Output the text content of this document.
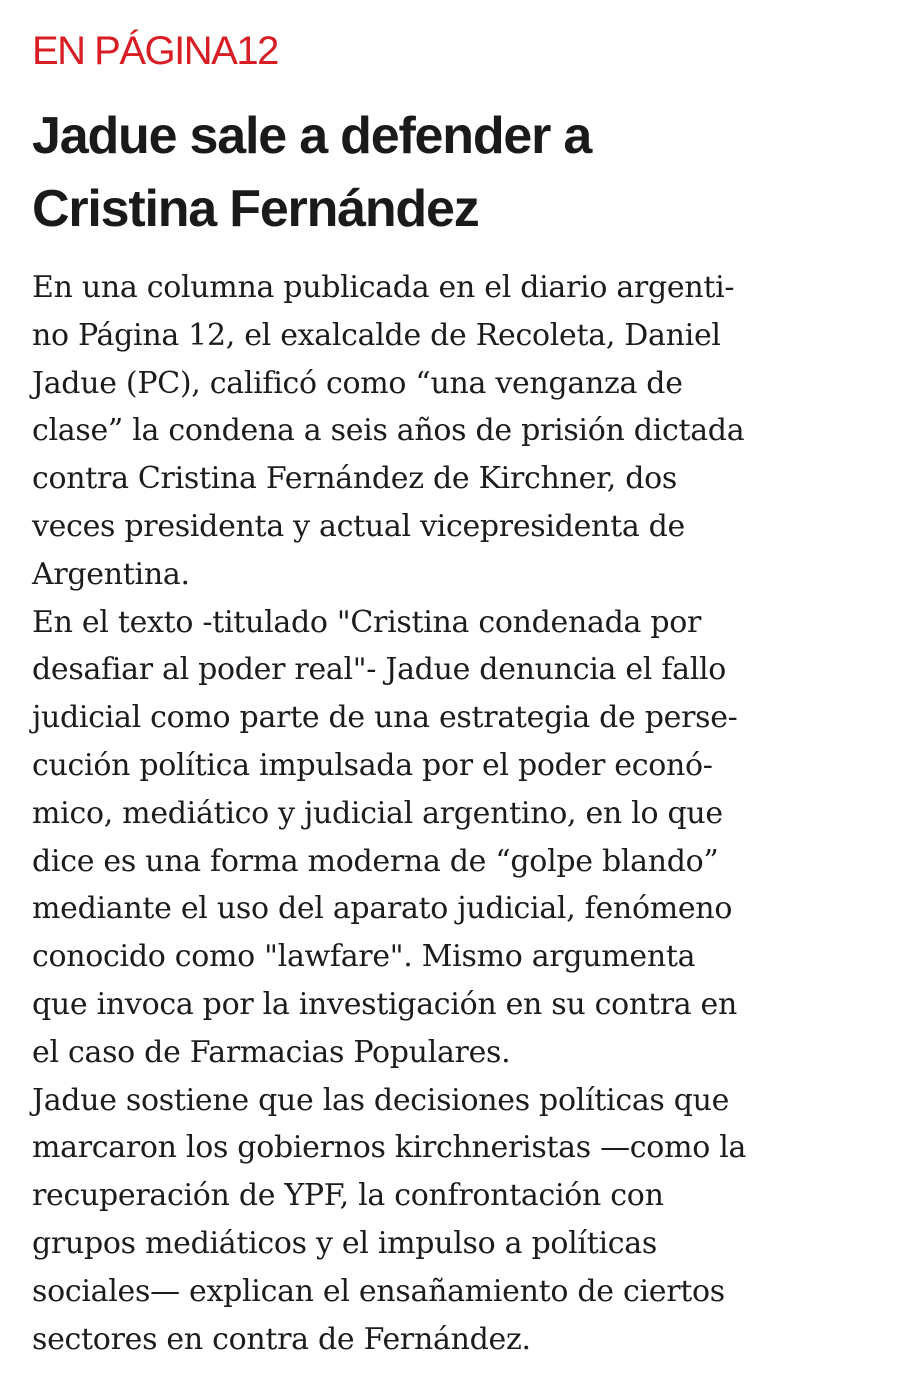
EN PÁGINA12
Jadue sale a defender a
Cristina Fernández
En una columna publicada en el diario argenti-
no Página 12, el exalcalde de Recoleta, Daniel
Jadue (PC), calificó como “una venganza de
clase” la condena a seis años de prisión dictada
contra Cristina Fernández de Kirchner, dos
veces presidenta y actual vicepresidenta de
Argentina.
En el texto -titulado "Cristina condenada por
desafiar al poder real"- Jadue denuncia el fallo
judicial como parte de una estrategia de perse-
cución política impulsada por el poder econó-
mico, mediático y judicial argentino, en lo que
dice es una forma moderna de “golpe blando”
mediante el uso del aparato judicial, fenómeno
conocido como "lawfare". Mismo argumenta
que invoca por la investigación en su contra en
el caso de Farmacias Populares.
Jadue sostiene que las decisiones políticas que
marcaron los gobiernos kirchneristas —como la
recuperación de YPF, la confrontación con
grupos mediáticos y el impulso a políticas
sociales— explican el ensañamiento de ciertos
sectores en contra de Fernández.
